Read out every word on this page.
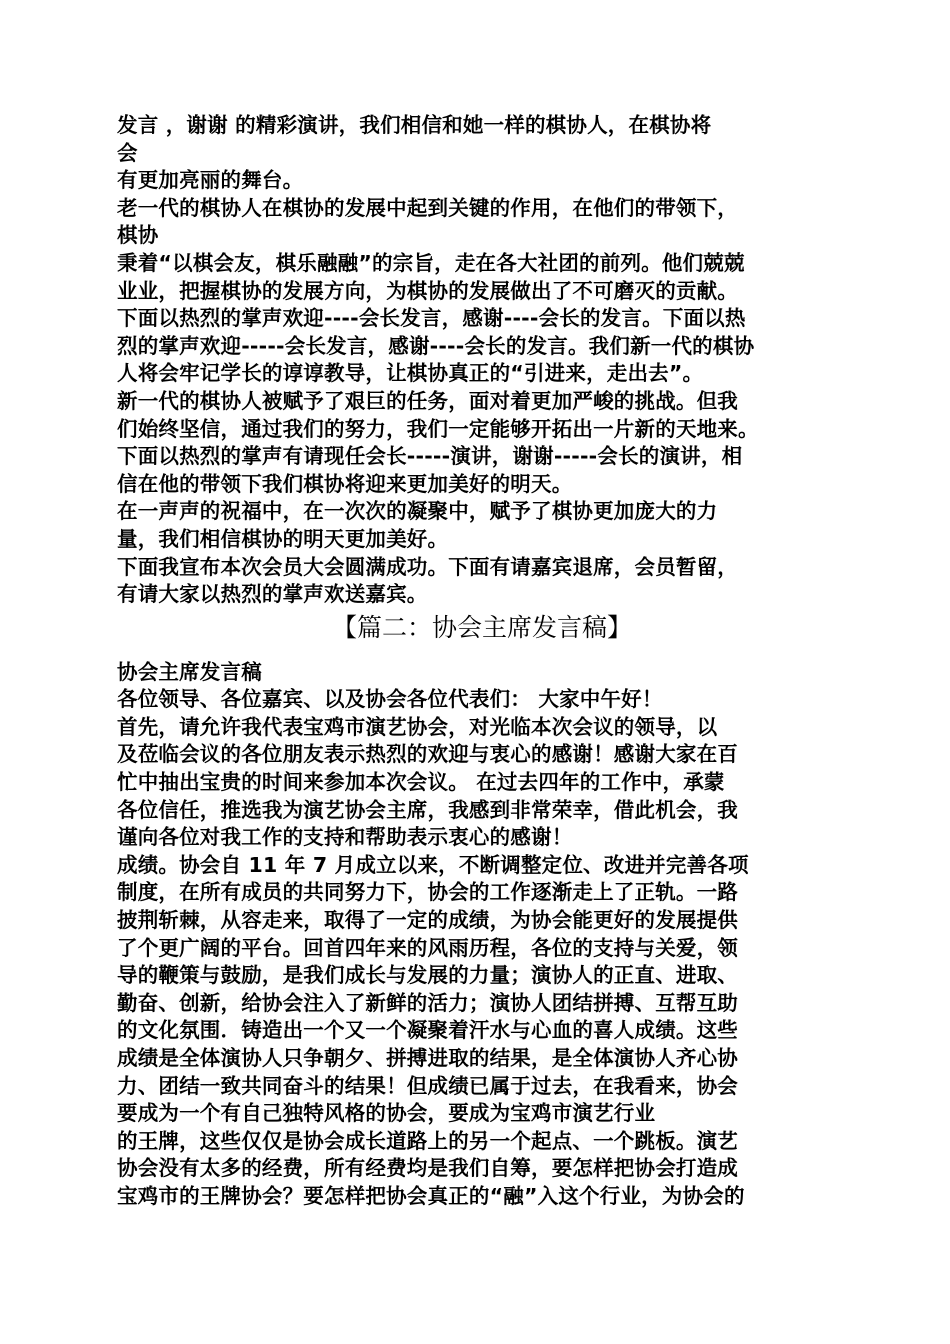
发言 ，谢谢 的精彩演讲，我们相信和她一样的棋协人，在棋协将
会
有更加亮丽的舞台。
老一代的棋协人在棋协的发展中起到关键的作用，在他们的带领下，
棋协
秉着“以棋会友，棋乐融融”的宗旨，走在各大社团的前列。他们兢兢
业业，把握棋协的发展方向，为棋协的发展做出了不可磨灭的贡献。
下面以热烈的掌声欢迎----会长发言，感谢----会长的发言。下面以热
烈的掌声欢迎-----会长发言，感谢----会长的发言。我们新一代的棋协
人将会牢记学长的谆谆教导，让棋协真正的“引进来，走出去”。
新一代的棋协人被赋予了艰巨的任务，面对着更加严峻的挑战。但我
们始终坚信，通过我们的努力，我们一定能够开拓出一片新的天地来。
下面以热烈的掌声有请现任会长-----演讲，谢谢-----会长的演讲，相
信在他的带领下我们棋协将迎来更加美好的明天。
在一声声的祝福中，在一次次的凝聚中，赋予了棋协更加庞大的力
量，我们相信棋协的明天更加美好。
下面我宣布本次会员大会圆满成功。下面有请嘉宾退席，会员暂留，
有请大家以热烈的掌声欢送嘉宾。
【篇二：协会主席发言稿】
协会主席发言稿
各位领导、各位嘉宾、以及协会各位代表们： 大家中午好！
首先，请允许我代表宝鸡市演艺协会，对光临本次会议的领导，以
及莅临会议的各位朋友表示热烈的欢迎与衷心的感谢！感谢大家在百
忙中抽出宝贵的时间来参加本次会议。 在过去四年的工作中，承蒙
各位信任，推选我为演艺协会主席，我感到非常荣幸，借此机会，我
谨向各位对我工作的支持和帮助表示衷心的感谢！
成绩。协会自 11 年 7 月成立以来，不断调整定位、改进并完善各项
制度，在所有成员的共同努力下，协会的工作逐渐走上了正轨。一路
披荆斩棘，从容走来，取得了一定的成绩，为协会能更好的发展提供
了个更广阔的平台。回首四年来的风雨历程，各位的支持与关爱，领
导的鞭策与鼓励，是我们成长与发展的力量；演协人的正直、进取、
勤奋、创新，给协会注入了新鲜的活力；演协人团结拼搏、互帮互助
的文化氛围．铸造出一个又一个凝聚着汗水与心血的喜人成绩。这些
成绩是全体演协人只争朝夕、拼搏进取的结果，是全体演协人齐心协
力、团结一致共同奋斗的结果！但成绩已属于过去，在我看来，协会
要成为一个有自己独特风格的协会，要成为宝鸡市演艺行业
的王牌，这些仅仅是协会成长道路上的另一个起点、一个跳板。演艺
协会没有太多的经费，所有经费均是我们自筹，要怎样把协会打造成
宝鸡市的王牌协会？要怎样把协会真正的“融”入这个行业，为协会的
